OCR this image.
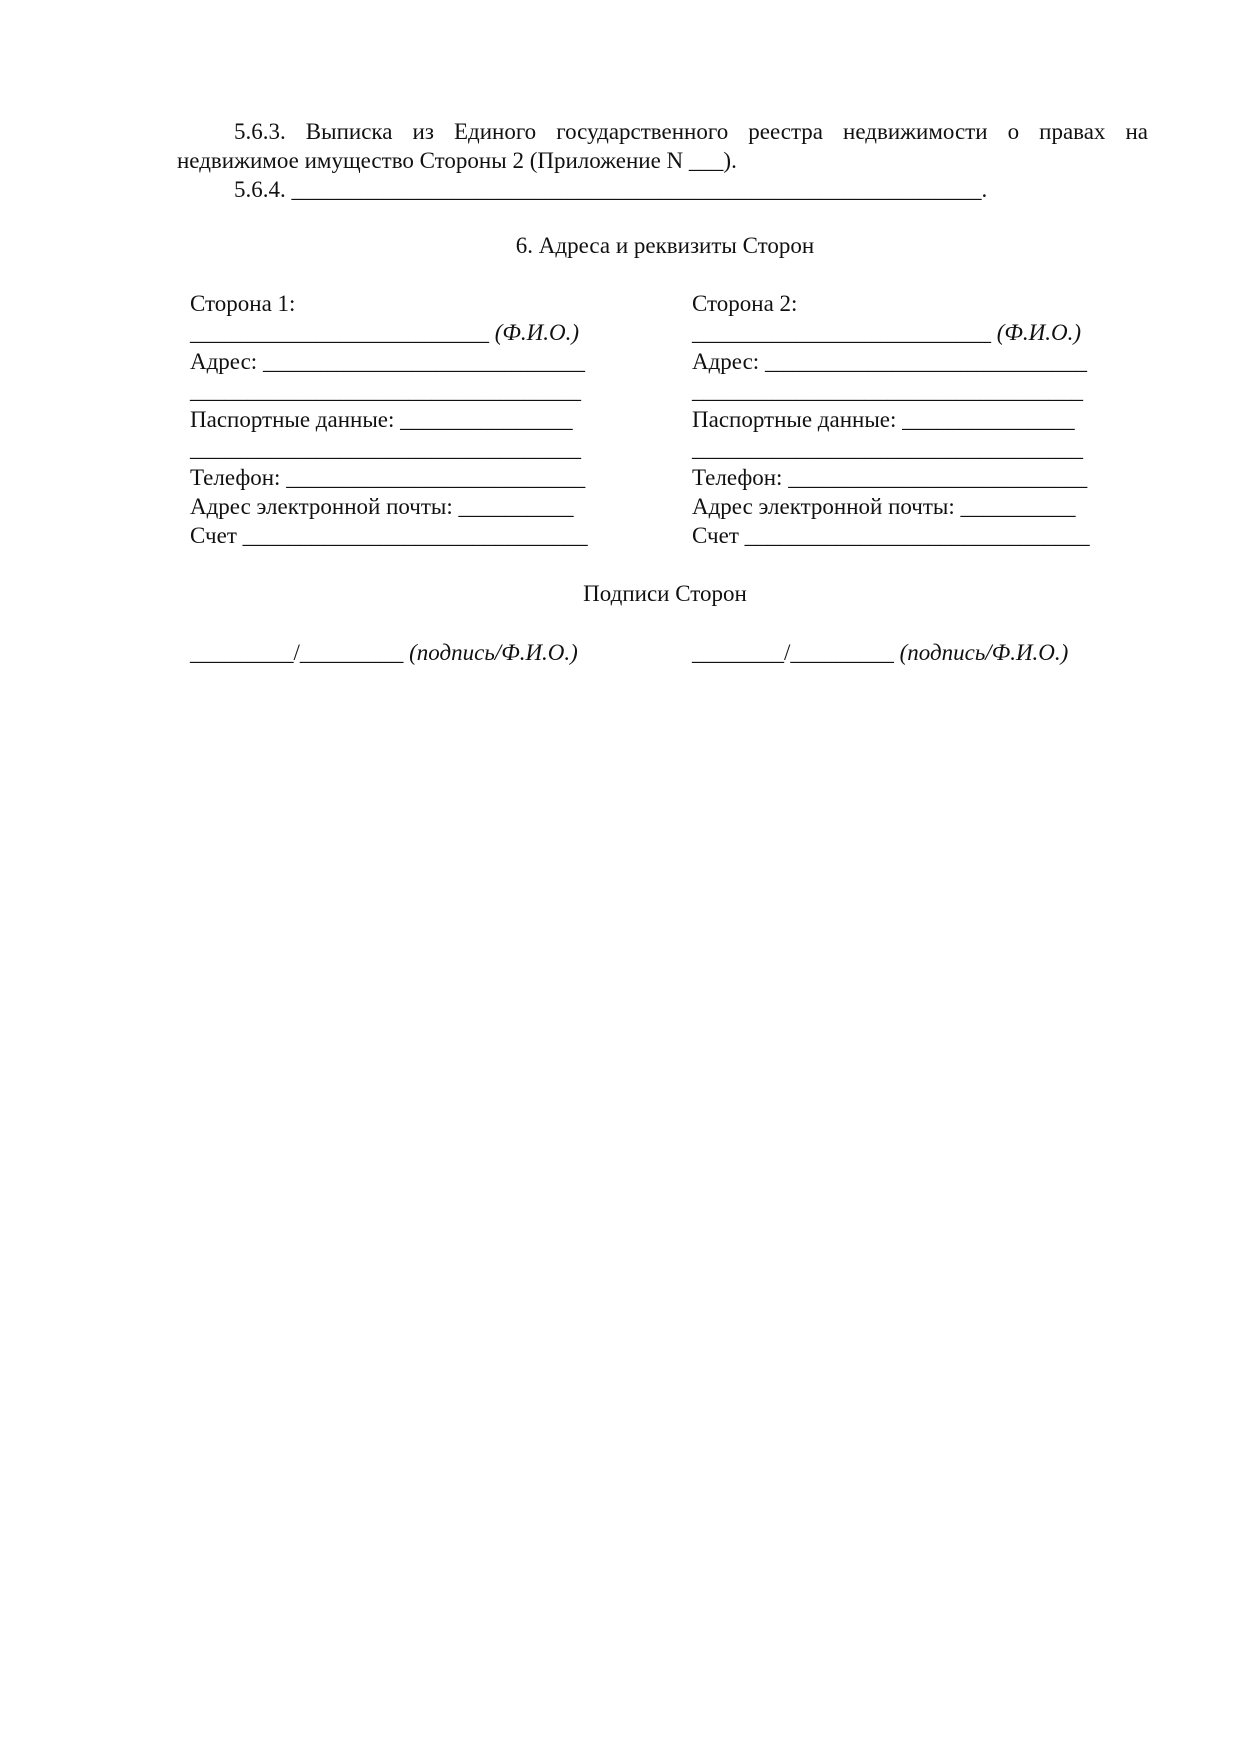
5.6.3. Выписка из Единого государственного реестра недвижимости о правах на
недвижимое имущество Стороны 2 (Приложение N ___).
5.6.4. ____________________________________________________________.
6. Адреса и реквизиты Сторон
Сторона 1:
__________________________ (Ф.И.О.)
Адрес: ____________________________
__________________________________
Паспортные данные: _______________
__________________________________
Телефон: __________________________
Адрес электронной почты: __________
Счет ______________________________
Сторона 2:
__________________________ (Ф.И.О.)
Адрес: ____________________________
__________________________________
Паспортные данные: _______________
__________________________________
Телефон: __________________________
Адрес электронной почты: __________
Счет ______________________________
Подписи Сторон
_________/_________ (подпись/Ф.И.О.)	________/_________ (подпись/Ф.И.О.)
